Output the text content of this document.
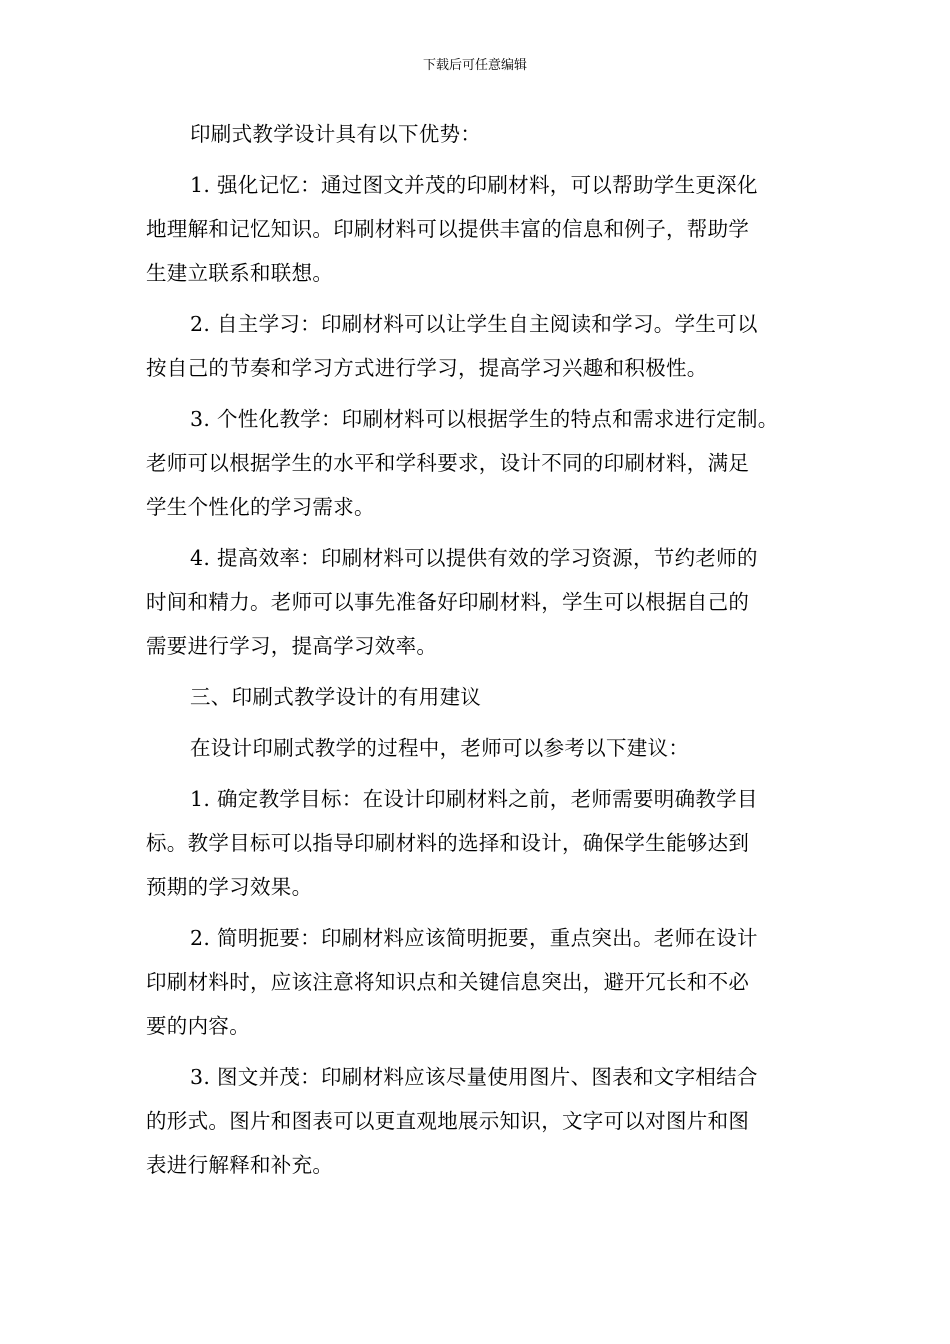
下载后可任意编辑
印刷式教学设计具有以下优势：
1. 强化记忆：通过图文并茂的印刷材料，可以帮助学生更深化
地理解和记忆知识。印刷材料可以提供丰富的信息和例子，帮助学
生建立联系和联想。
2. 自主学习：印刷材料可以让学生自主阅读和学习。学生可以
按自己的节奏和学习方式进行学习，提高学习兴趣和积极性。
3. 个性化教学：印刷材料可以根据学生的特点和需求进行定制。
老师可以根据学生的水平和学科要求，设计不同的印刷材料，满足
学生个性化的学习需求。
4. 提高效率：印刷材料可以提供有效的学习资源，节约老师的
时间和精力。老师可以事先准备好印刷材料，学生可以根据自己的
需要进行学习，提高学习效率。
三、印刷式教学设计的有用建议
在设计印刷式教学的过程中，老师可以参考以下建议：
1. 确定教学目标：在设计印刷材料之前，老师需要明确教学目
标。教学目标可以指导印刷材料的选择和设计，确保学生能够达到
预期的学习效果。
2. 简明扼要：印刷材料应该简明扼要，重点突出。老师在设计
印刷材料时，应该注意将知识点和关键信息突出，避开冗长和不必
要的内容。
3. 图文并茂：印刷材料应该尽量使用图片、图表和文字相结合
的形式。图片和图表可以更直观地展示知识，文字可以对图片和图
表进行解释和补充。
